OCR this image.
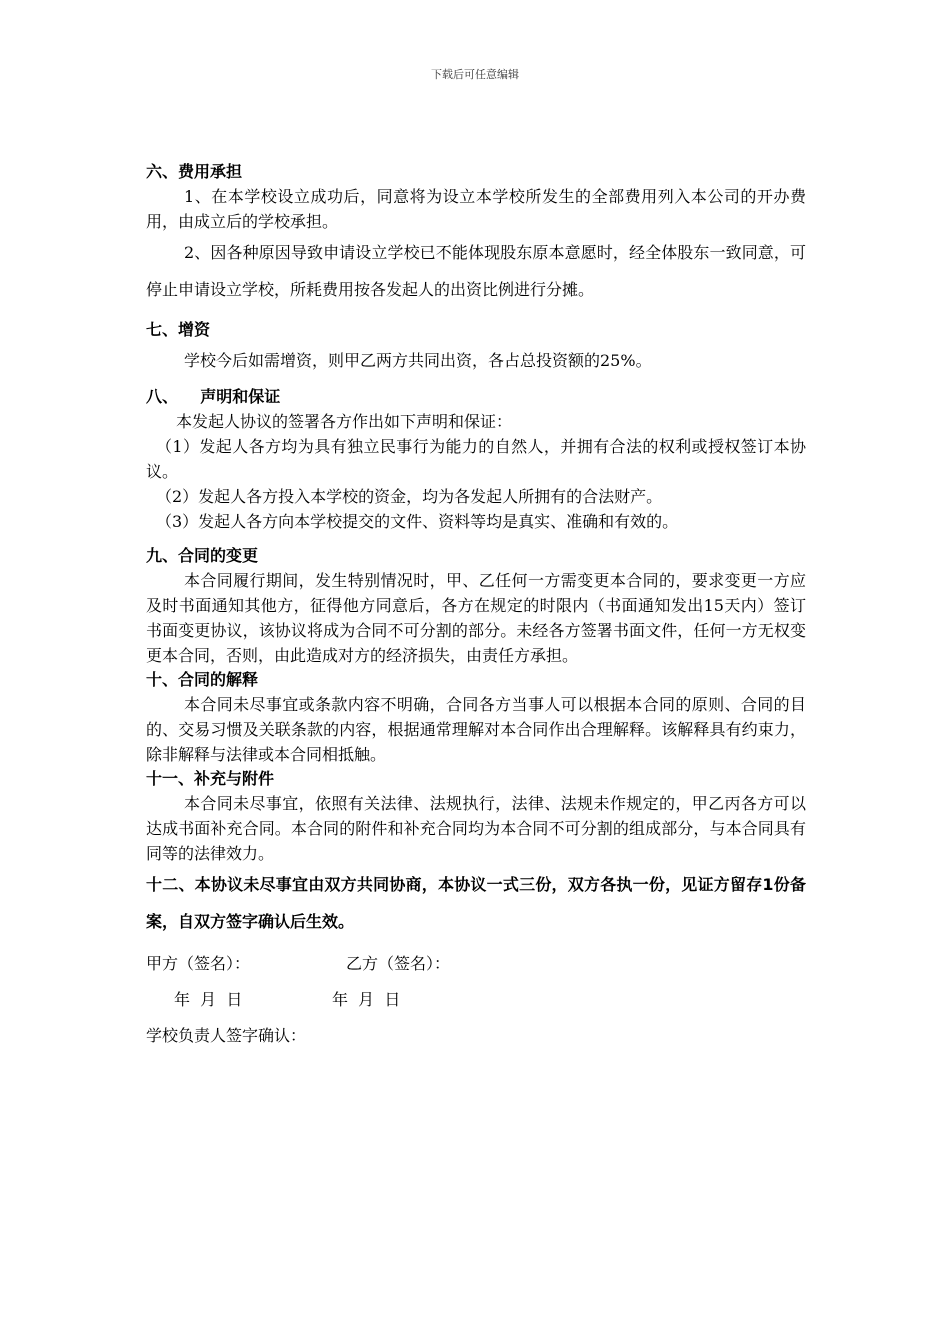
下载后可任意编辑
六、费用承担
1、在本学校设立成功后，同意将为设立本学校所发生的全部费用列入本公司的开办费用，由成立后的学校承担。
2、因各种原因导致申请设立学校已不能体现股东原本意愿时，经全体股东一致同意，可停止申请设立学校，所耗费用按各发起人的出资比例进行分摊。
七、增资
学校今后如需增资，则甲乙两方共同出资，各占总投资额的25%。
八、    声明和保证
本发起人协议的签署各方作出如下声明和保证：
（1）发起人各方均为具有独立民事行为能力的自然人，并拥有合法的权利或授权签订本协议。
（2）发起人各方投入本学校的资金，均为各发起人所拥有的合法财产。
（3）发起人各方向本学校提交的文件、资料等均是真实、准确和有效的。
九、合同的变更
本合同履行期间，发生特别情况时，甲、乙任何一方需变更本合同的，要求变更一方应及时书面通知其他方，征得他方同意后，各方在规定的时限内（书面通知发出15天内）签订书面变更协议，该协议将成为合同不可分割的部分。未经各方签署书面文件，任何一方无权变更本合同，否则，由此造成对方的经济损失，由责任方承担。
十、合同的解释
本合同未尽事宜或条款内容不明确，合同各方当事人可以根据本合同的原则、合同的目的、交易习惯及关联条款的内容，根据通常理解对本合同作出合理解释。该解释具有约束力，除非解释与法律或本合同相抵触。
十一、补充与附件
本合同未尽事宜，依照有关法律、法规执行，法律、法规未作规定的，甲乙丙各方可以达成书面补充合同。本合同的附件和补充合同均为本合同不可分割的组成部分，与本合同具有同等的法律效力。
十二、本协议未尽事宜由双方共同协商，本协议一式三份，双方各执一份，见证方留存1份备案，自双方签字确认后生效。
甲方（签名）：	乙方（签名）：
年  月  日	年  月  日
学校负责人签字确认：
